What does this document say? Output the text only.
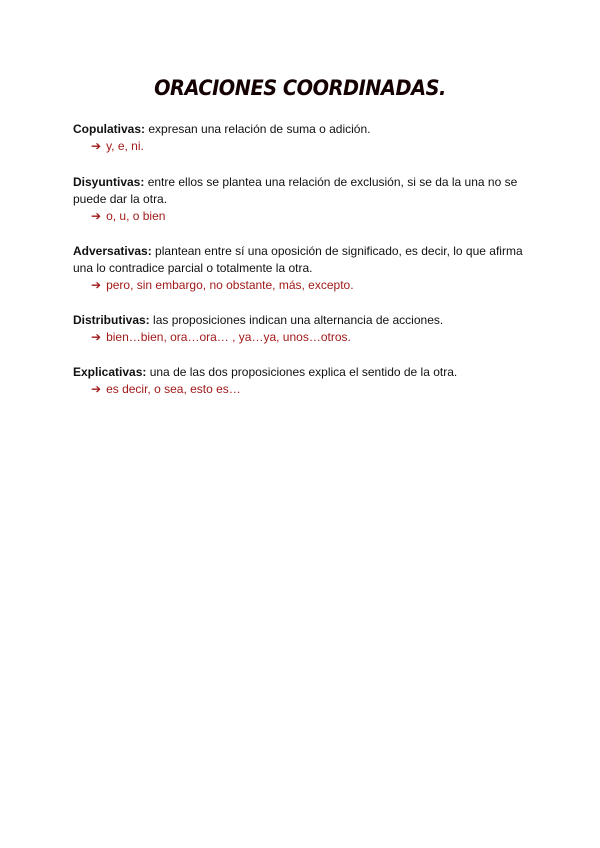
ORACIONES COORDINADAS.
Copulativas: expresan una relación de suma o adición.
➔ y, e, ni.
Disyuntivas: entre ellos se plantea una relación de exclusión, si se da la una no se puede dar la otra.
➔ o, u, o bien
Adversativas: plantean entre sí una oposición de significado, es decir, lo que afirma una lo contradice parcial o totalmente la otra.
➔ pero, sin embargo, no obstante, más, excepto.
Distributivas: las proposiciones indican una alternancia de acciones.
➔ bien…bien, ora…ora… , ya…ya, unos…otros.
Explicativas: una de las dos proposiciones explica el sentido de la otra.
➔ es decir, o sea, esto es…
